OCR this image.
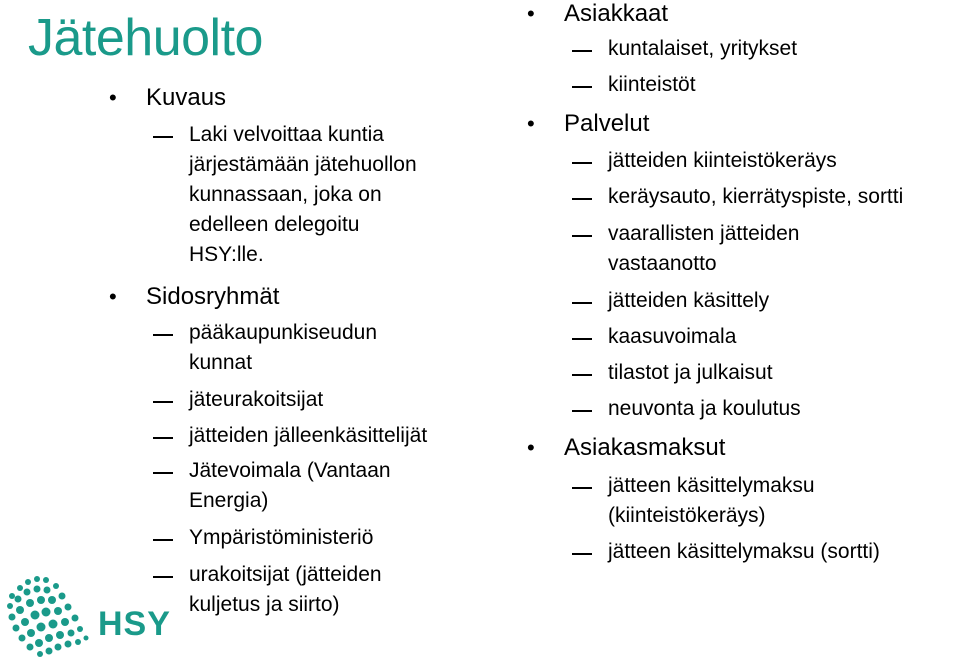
Jätehuolto
• Kuvaus
Laki velvoittaa kuntia
järjestämään jätehuollon
kunnassaan, joka on
edelleen delegoitu
HSY:lle.
• Sidosryhmät
pääkaupunkiseudun
kunnat
jäteurakoitsijat
jätteiden jälleenkäsittelijät
Jätevoimala (Vantaan
Energia)
Ympäristöministeriö
urakoitsijat (jätteiden
kuljetus ja siirto)
• Asiakkaat
kuntalaiset, yritykset
kiinteistöt
• Palvelut
jätteiden kiinteistökeräys
keräysauto, kierrätyspiste, sortti
vaarallisten jätteiden
vastaanotto
jätteiden käsittely
kaasuvoimala
tilastot ja julkaisut
neuvonta ja koulutus
• Asiakasmaksut
jätteen käsittelymaksu
(kiinteistökeräys)
jätteen käsittelymaksu (sortti)
HSY
